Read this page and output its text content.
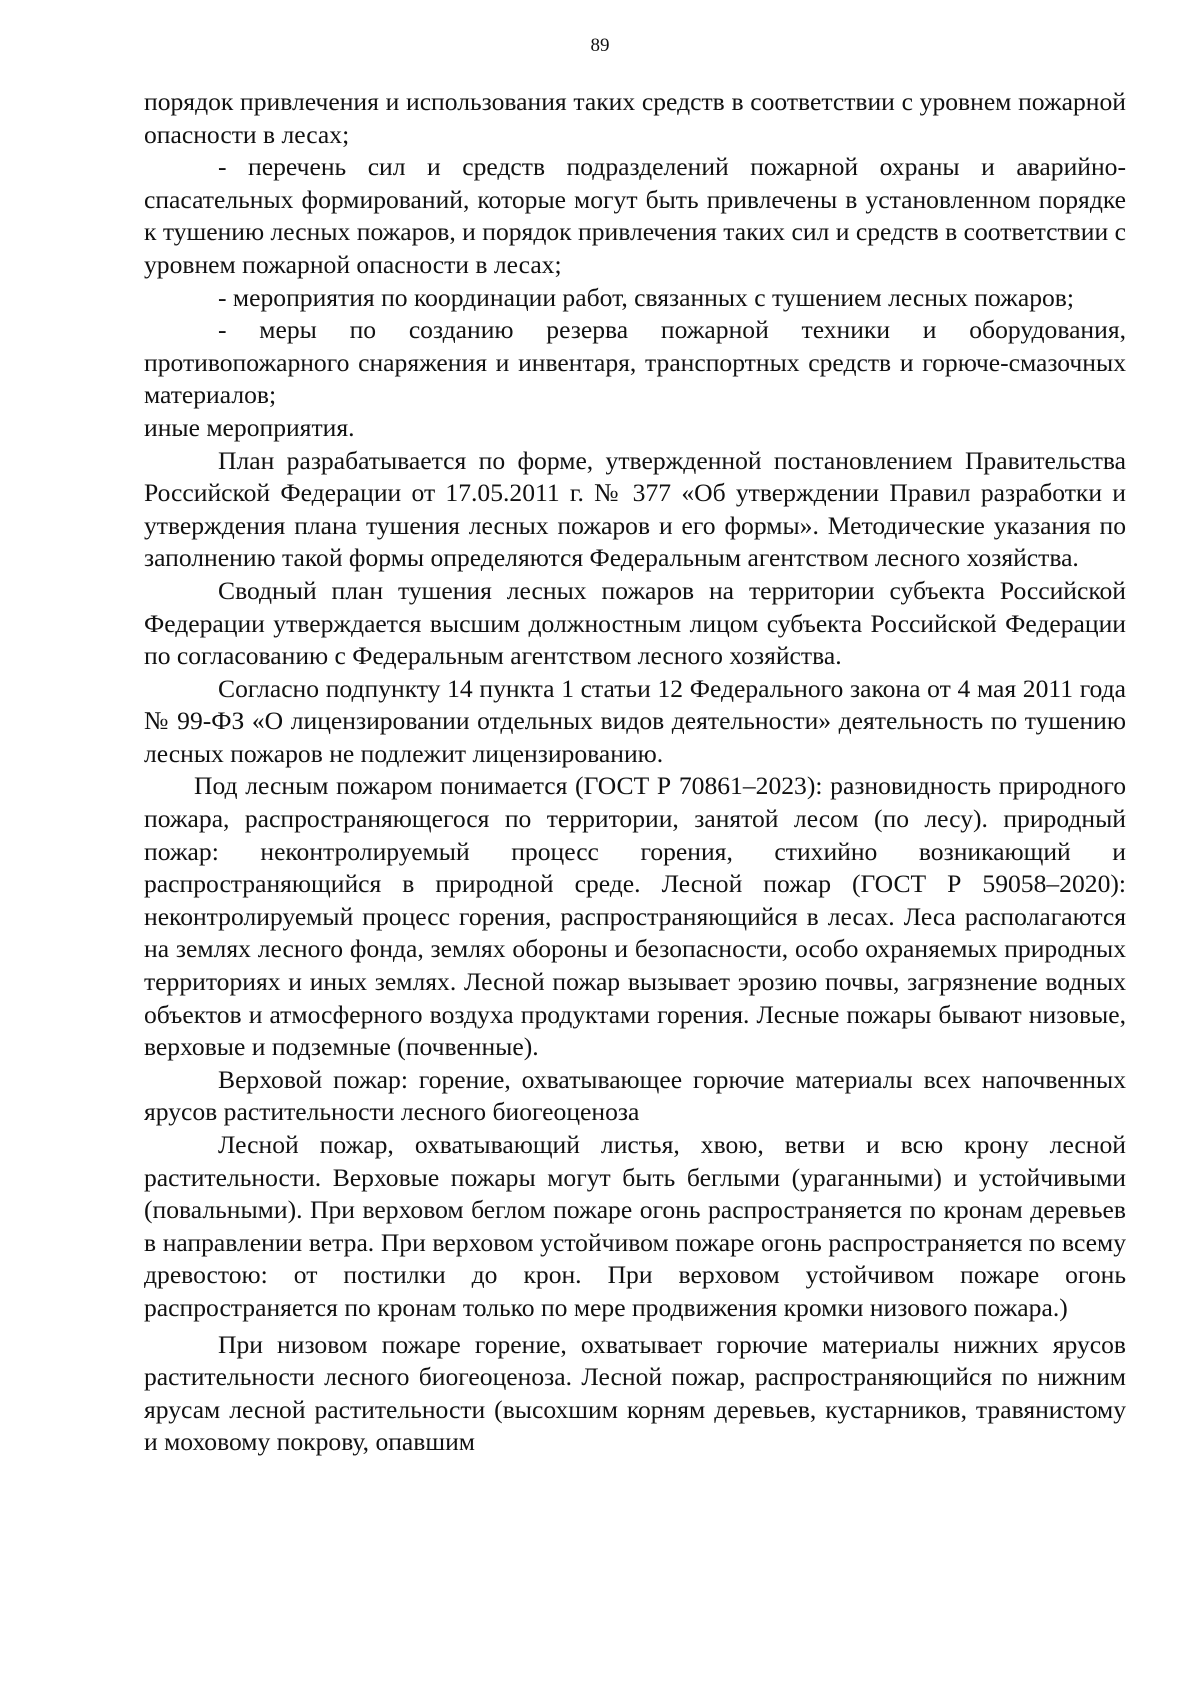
89

порядок привлечения и использования таких средств в соответствии с уровнем пожарной опасности в лесах;

- перечень сил и средств подразделений пожарной охраны и аварийно-спасательных формирований, которые могут быть привлечены в установленном порядке к тушению лесных пожаров, и порядок привлечения таких сил и средств в соответствии с уровнем пожарной опасности в лесах;

- мероприятия по координации работ, связанных с тушением лесных пожаров;

- меры по созданию резерва пожарной техники и оборудования, противопожарного снаряжения и инвентаря, транспортных средств и горюче-смазочных материалов;

иные мероприятия.

План разрабатывается по форме, утвержденной постановлением Правительства Российской Федерации от 17.05.2011 г. № 377 «Об утверждении Правил разработки и утверждения плана тушения лесных пожаров и его формы». Методические указания по заполнению такой формы определяются Федеральным агентством лесного хозяйства.

Сводный план тушения лесных пожаров на территории субъекта Российской Федерации утверждается высшим должностным лицом субъекта Российской Федерации по согласованию с Федеральным агентством лесного хозяйства.

Согласно подпункту 14 пункта 1 статьи 12 Федерального закона от 4 мая 2011 года № 99-ФЗ «О лицензировании отдельных видов деятельности» деятельность по тушению лесных пожаров не подлежит лицензированию.

Под лесным пожаром понимается (ГОСТ Р 70861–2023): разновидность природного пожара, распространяющегося по территории, занятой лесом (по лесу). природный пожар: неконтролируемый процесс горения, стихийно возникающий и распространяющийся в природной среде. Лесной пожар (ГОСТ Р 59058–2020): неконтролируемый процесс горения, распространяющийся в лесах. Леса располагаются на землях лесного фонда, землях обороны и безопасности, особо охраняемых природных территориях и иных землях. Лесной пожар вызывает эрозию почвы, загрязнение водных объектов и атмосферного воздуха продуктами горения. Лесные пожары бывают низовые, верховые и подземные (почвенные).

Верховой пожар: горение, охватывающее горючие материалы всех напочвенных ярусов растительности лесного биогеоценоза

Лесной пожар, охватывающий листья, хвою, ветви и всю крону лесной растительности. Верховые пожары могут быть беглыми (ураганными) и устойчивыми (повальными). При верховом беглом пожаре огонь распространяется по кронам деревьев в направлении ветра. При верховом устойчивом пожаре огонь распространяется по всему древостою: от постилки до крон. При верховом устойчивом пожаре огонь распространяется по кронам только по мере продвижения кромки низового пожара.)

При низовом пожаре горение, охватывает горючие материалы нижних ярусов растительности лесного биогеоценоза. Лесной пожар, распространяющийся по нижним ярусам лесной растительности (высохшим корням деревьев, кустарников, травянистому и моховому покрову, опавшим
